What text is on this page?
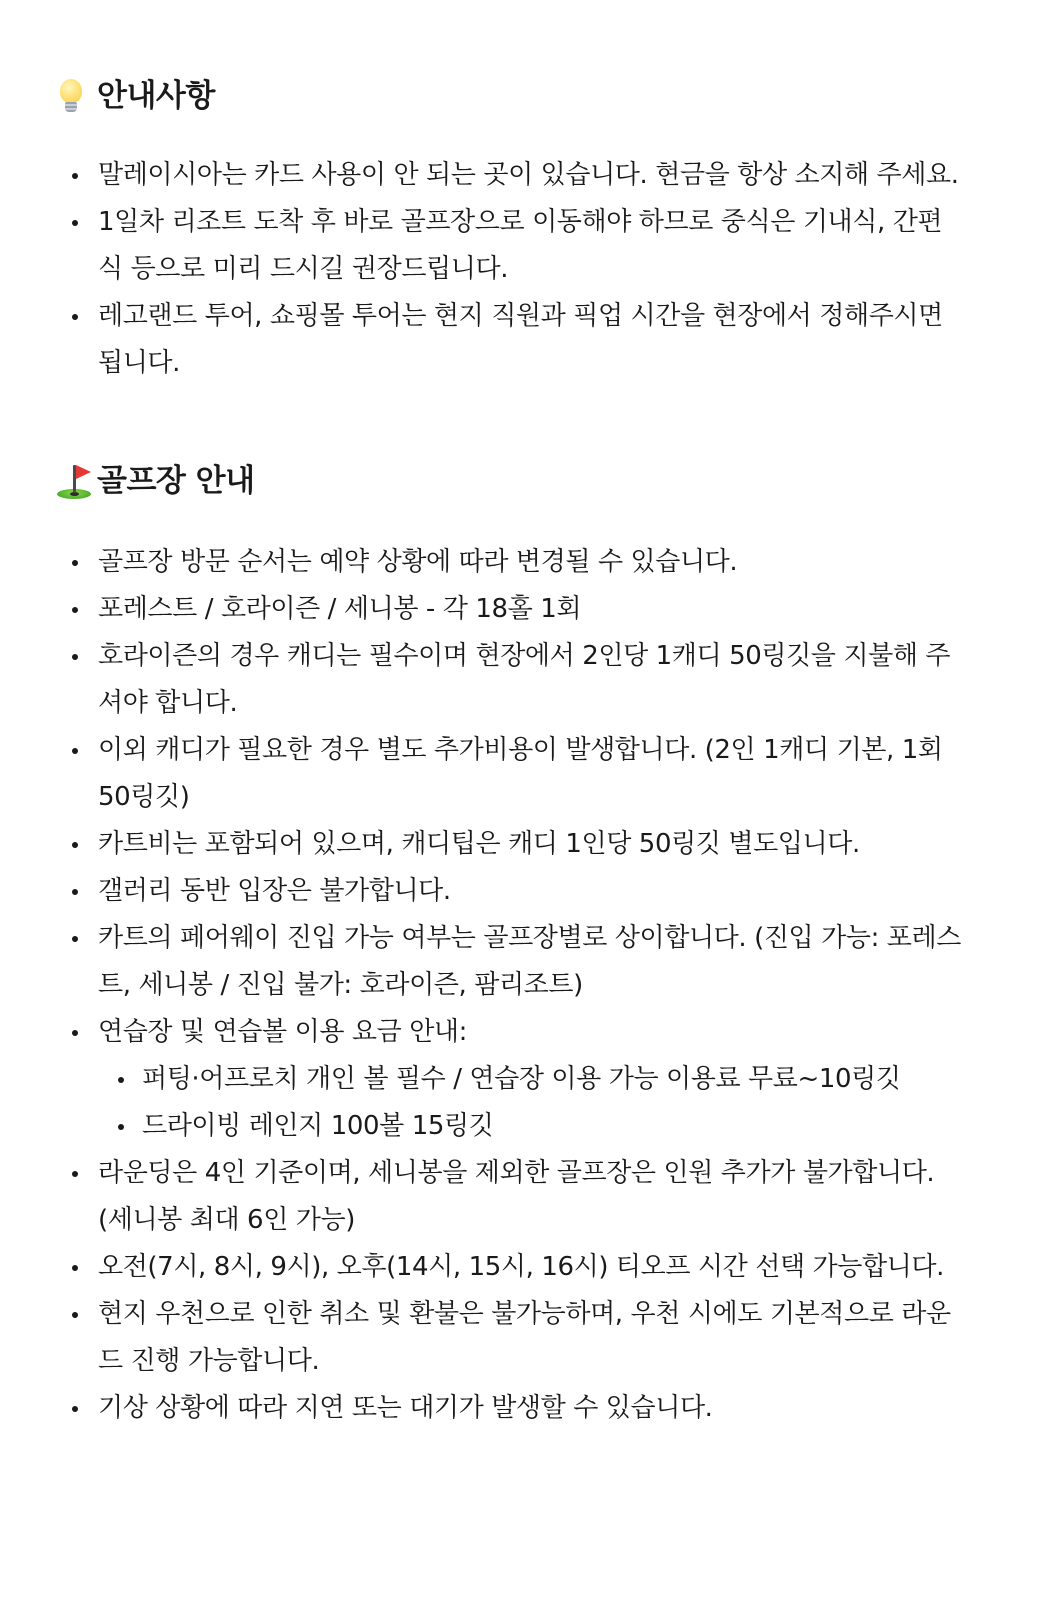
안내사항
말레이시아는 카드 사용이 안 되는 곳이 있습니다. 현금을 항상 소지해 주세요.
1일차 리조트 도착 후 바로 골프장으로 이동해야 하므로 중식은 기내식, 간편식 등으로 미리 드시길 권장드립니다.
레고랜드 투어, 쇼핑몰 투어는 현지 직원과 픽업 시간을 현장에서 정해주시면 됩니다.
골프장 안내
골프장 방문 순서는 예약 상황에 따라 변경될 수 있습니다.
포레스트 / 호라이즌 / 세니봉 - 각 18홀 1회
호라이즌의 경우 캐디는 필수이며 현장에서 2인당 1캐디 50링깃을 지불해 주셔야 합니다.
이외 캐디가 필요한 경우 별도 추가비용이 발생합니다. (2인 1캐디 기본, 1회 50링깃)
카트비는 포함되어 있으며, 캐디팁은 캐디 1인당 50링깃 별도입니다.
갤러리 동반 입장은 불가합니다.
카트의 페어웨이 진입 가능 여부는 골프장별로 상이합니다. (진입 가능: 포레스트, 세니봉 / 진입 불가: 호라이즌, 팜리조트)
연습장 및 연습볼 이용 요금 안내:
퍼팅·어프로치 개인 볼 필수 / 연습장 이용 가능 이용료 무료~10링깃
드라이빙 레인지 100볼 15링깃
라운딩은 4인 기준이며, 세니봉을 제외한 골프장은 인원 추가가 불가합니다. (세니봉 최대 6인 가능)
오전(7시, 8시, 9시), 오후(14시, 15시, 16시) 티오프 시간 선택 가능합니다.
현지 우천으로 인한 취소 및 환불은 불가능하며, 우천 시에도 기본적으로 라운드 진행 가능합니다.
기상 상황에 따라 지연 또는 대기가 발생할 수 있습니다.
